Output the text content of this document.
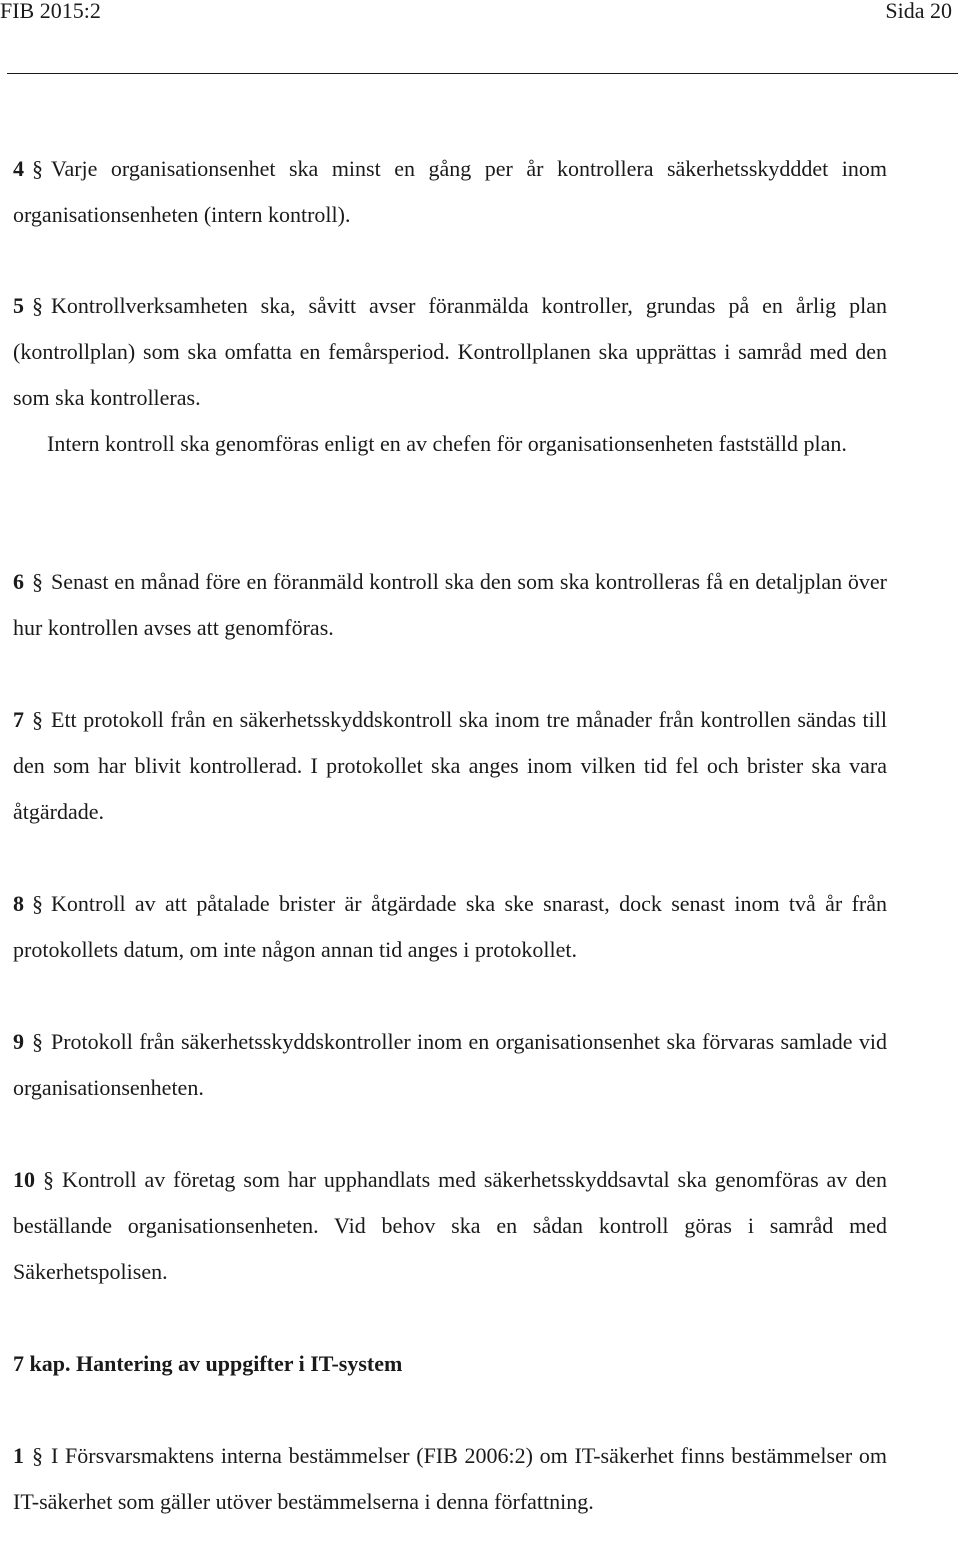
FIB 2015:2	Sida 20

4 § Varje organisationsenhet ska minst en gång per år kontrollera säkerhetsskydddet inom organisationsenheten (intern kontroll).

5 § Kontrollverksamheten ska, såvitt avser föranmälda kontroller, grundas på en årlig plan (kontrollplan) som ska omfatta en femårsperiod. Kontrollplanen ska upprättas i samråd med den som ska kontrolleras.

Intern kontroll ska genomföras enligt en av chefen för organisationsenheten fastställd plan.

6 § Senast en månad före en föranmäld kontroll ska den som ska kontrolleras få en detaljplan över hur kontrollen avses att genomföras.

7 § Ett protokoll från en säkerhetsskyddskontroll ska inom tre månader från kontrollen sändas till den som har blivit kontrollerad. I protokollet ska anges inom vilken tid fel och brister ska vara åtgärdade.

8 § Kontroll av att påtalade brister är åtgärdade ska ske snarast, dock senast inom två år från protokollets datum, om inte någon annan tid anges i protokollet.

9 § Protokoll från säkerhetsskyddskontroller inom en organisationsenhet ska förvaras samlade vid organisationsenheten.

10 § Kontroll av företag som har upphandlats med säkerhetsskyddsavtal ska genomföras av den beställande organisationsenheten. Vid behov ska en sådan kontroll göras i samråd med Säkerhetspolisen.

7 kap. Hantering av uppgifter i IT-system

1 § I Försvarsmaktens interna bestämmelser (FIB 2006:2) om IT-säkerhet finns bestämmelser om IT-säkerhet som gäller utöver bestämmelserna i denna författning.
